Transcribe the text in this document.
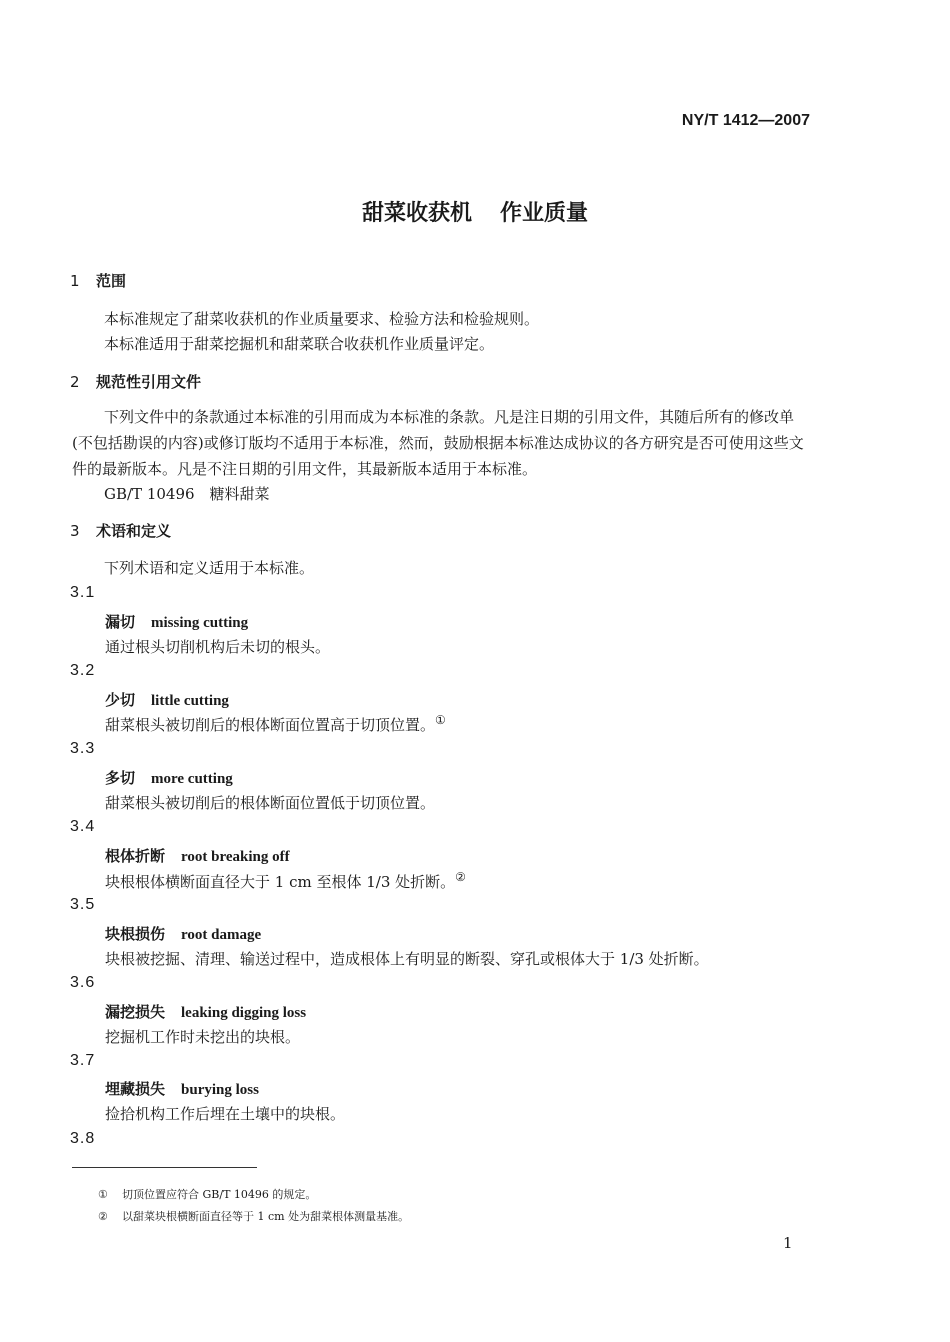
NY/T 1412—2007
甜菜收获机 作业质量
1 范围
本标准规定了甜菜收获机的作业质量要求、检验方法和检验规则。
本标准适用于甜菜挖掘机和甜菜联合收获机作业质量评定。
2 规范性引用文件
下列文件中的条款通过本标准的引用而成为本标准的条款。凡是注日期的引用文件，其随后所有的修改单(不包括勘误的内容)或修订版均不适用于本标准，然而，鼓励根据本标准达成协议的各方研究是否可使用这些文件的最新版本。凡是不注日期的引用文件，其最新版本适用于本标准。
GB/T 10496　糖料甜菜
3 术语和定义
下列术语和定义适用于本标准。
3.1
漏切 missing cutting
通过根头切削机构后未切的根头。
3.2
少切 little cutting
甜菜根头被切削后的根体断面位置高于切顶位置。①
3.3
多切 more cutting
甜菜根头被切削后的根体断面位置低于切顶位置。
3.4
根体折断 root breaking off
块根根体横断面直径大于 1 cm 至根体 1/3 处折断。②
3.5
块根损伤 root damage
块根被挖掘、清理、输送过程中，造成根体上有明显的断裂、穿孔或根体大于 1/3 处折断。
3.6
漏挖损失 leaking digging loss
挖掘机工作时未挖出的块根。
3.7
埋藏损失 burying loss
捡拾机构工作后埋在土壤中的块根。
3.8
① 切顶位置应符合 GB/T 10496 的规定。
② 以甜菜块根横断面直径等于 1 cm 处为甜菜根体测量基准。
1
